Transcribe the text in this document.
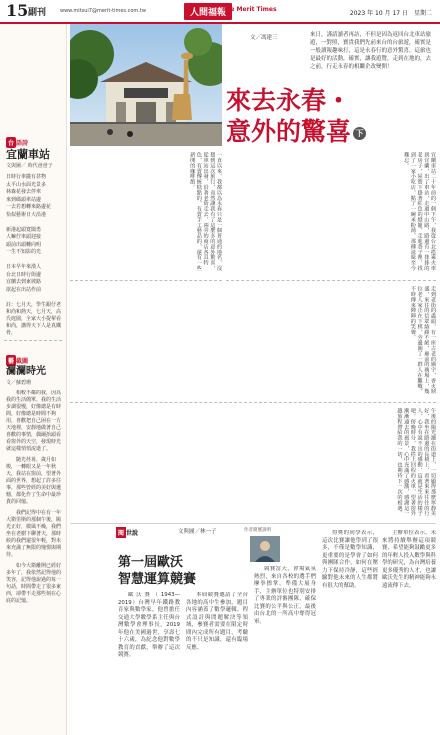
15 副刊	www.mitsui7@merit-times.com.tw	人間福報
The Merit Times
2023 年 10 月 17 日　星期二
台 語詩
宜蘭車站
文與圖／ 時代爸爸子
日時行車攏有甚物
太平山水面光景多
林森花發去伴車
來到碼頭車站邊
一去若想轉來路邊花
恰似藝術日大沿港

新港起頭寬闊勇
人嘛佇車頭迎接
頭前出頭轉向明
一生不知影的光

日本早年來漢人
台北日時行街邊
宜蘭去到東坡路
欲起在出站作前
註：七月天，學生跟仔老和尚和熱天，七月天，高氏庭園，全家大小提挈看和尚，講得天下人是真鐵骨，
藝 截圖
瀾瀾時光
文／蘇碧珊
相較不鄰的我，因為我的生活簡單，我的生活步調很慢，好像總是有時間，好像總是時間不夠用，喜歡把自己困在一方天地裡，安靜地做著自己喜歡的事情，偶爾抬頭看看窗外的天空，發現時光就這樣悄悄流逝了。
隨光荏苒，歲月如梭，一轉眼又是一年秋天，我站在窗前，望著外面的世界，想起了許多往事，那些曾經的美好與遺憾，都化作了生命中最珍貴的回憶。
我們記得中在有一年大衛里斯的那個午後，陽光正好，微風不燥，我們坐在老樹下聊著天，那時候的我們還很年輕，對未來充滿了無限的憧憬與期待。
如今大衛離開已經好多年了，我依然記得他的笑容，記得他說過的每一句話，時間帶走了很多東西，卻帶不走那些刻在心底的記憶。
文／馮建三	來日，謹請讀者再訪，不但是因為返回台北車站旅遊，一對照，寶貴我們先前來台的台旅遊，確實是一般讀報趣味打，這是永春行的意外驚喜，這旅也是最好的活動，確實，讓我遊覽，走到在地的，去之前，行走永春的相繼企改變開！
來去永春・
意外的驚喜 下
宜蘭車站二十年前的一個下午，我從台北搭乘火車到宜蘭，出了車站，走過中山路，路邊有一排排的老房子，屋簷下掛著紅色的燈籠，走進巷子裡，找到了一家小吃店，點了一碗米粉湯，那種滋味至今難忘。
一直以來，我都以為永春只是一個普通的地名，沒想到這次旅行，竟然讓我有了這麼多的意外驚喜，從車站出發，沿著老街走去，兩旁的商店各具特色，有賣傳統糕點的，有賣手工藝品的，還有一些新開的咖啡館。
走到老街的盡頭，有一座古老的廟宇，香火鼎盛，來往的信眾絡繹不絕，廟前的廣場上，幾位老人家正在下棋，旁邊圍了一群人在觀戰，不時傳來陣陣的笑聲。
午後的陽光灑在街道上，一切顯得那麼寧靜美好，我坐在路邊的長椅上，看著來來往往的行人，心中有說不出的感動，這就是生活的樣子吧。傍晚時分，我搭上回程的火車，望著窗外漸漸遠去的風景，心中充滿了感激，感謝這一趟旅程帶給我的一切，也期待下一次的相遇。
閱 世說	文與圖／林一子
第一屆歐沃
智慧運算競賽
作者簡歷說明
歐沃賽（1943—2019）台灣早年鐵路教育家與數學家，他曾擔任交通大學數學系主任與台灣數學會理事長，2019年他在美國過世，享壽七十六歲，為紀念他對數學教育的貢獻，舉辦了這次競賽。
本屆競賽邀請了全台各地的高中生參加，題目內容涵蓋了數學邏輯、程式設計與問題解決等領域，參賽者需要在限定時間內完成所有題目，考驗的不只是知識，還有臨場反應。
競賽當天，會場氣氛熱烈，來自各校的選手們摩拳擦掌，準備大展身手，主辦單位也特別安排了專業的評審團隊，確保比賽的公平與公正，最後由台北的一所高中奪得冠軍。
得獎的同學表示，這次比賽讓他學到了很多，不僅是數學知識，更重要的是學會了如何與團隊合作，如何在壓力下保持冷靜，這些經驗對他未來的人生都將有很大的幫助。
主辦單位表示，未來將持續舉辦這項競賽，希望能夠鼓勵更多的年輕人投入數學與科學的研究，為台灣培養更多優秀的人才，也讓歐沃先生的精神能夠永遠流傳下去。
